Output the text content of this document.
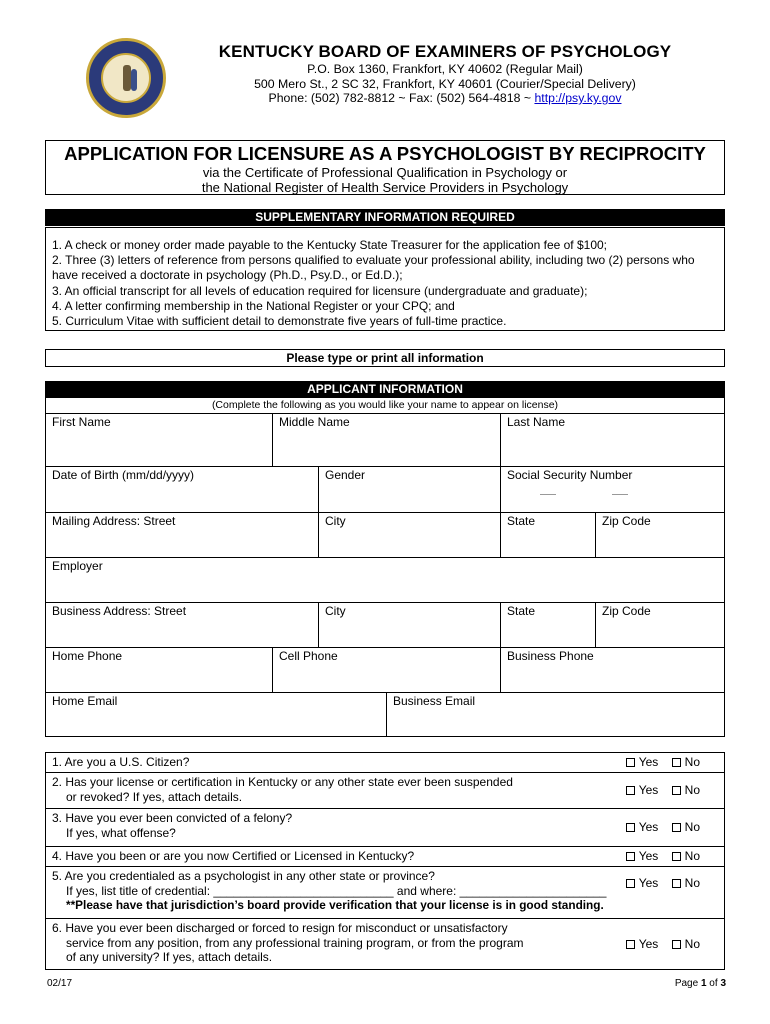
KENTUCKY BOARD OF EXAMINERS OF PSYCHOLOGY
P.O. Box 1360, Frankfort, KY 40602 (Regular Mail)
500 Mero St., 2 SC 32, Frankfort, KY 40601 (Courier/Special Delivery)
Phone: (502) 782-8812 ~ Fax: (502) 564-4818 ~ http://psy.ky.gov
APPLICATION FOR LICENSURE AS A PSYCHOLOGIST BY RECIPROCITY
via the Certificate of Professional Qualification in Psychology or
the National Register of Health Service Providers in Psychology
SUPPLEMENTARY INFORMATION REQUIRED
1. A check or money order made payable to the Kentucky State Treasurer for the application fee of $100;
2. Three (3) letters of reference from persons qualified to evaluate your professional ability, including two (2) persons who have received a doctorate in psychology (Ph.D., Psy.D., or Ed.D.);
3. An official transcript for all levels of education required for licensure (undergraduate and graduate);
4. A letter confirming membership in the National Register or your CPQ; and
5. Curriculum Vitae with sufficient detail to demonstrate five years of full-time practice.
Please type or print all information
APPLICANT INFORMATION
(Complete the following as you would like your name to appear on license)
First Name	Middle Name	Last Name
Date of Birth (mm/dd/yyyy)	Gender	Social Security Number
Mailing Address: Street	City	State	Zip Code
Employer
Business Address: Street	City	State	Zip Code
Home Phone	Cell Phone	Business Phone
Home Email	Business Email
1. Are you a U.S. Citizen?	Yes No
2. Has your license or certification in Kentucky or any other state ever been suspended
or revoked? If yes, attach details.	Yes No
3. Have you ever been convicted of a felony?
If yes, what offense?	Yes No
4. Have you been or are you now Certified or Licensed in Kentucky?	Yes No
5. Are you credentialed as a psychologist in any other state or province?
If yes, list title of credential: ___________________________ and where: ______________________
**Please have that jurisdiction’s board provide verification that your license is in good standing.
Yes No
6. Have you ever been discharged or forced to resign for misconduct or unsatisfactory
service from any position, from any professional training program, or from the program
of any university? If yes, attach details.
Yes No
02/17	Page 1 of 3
